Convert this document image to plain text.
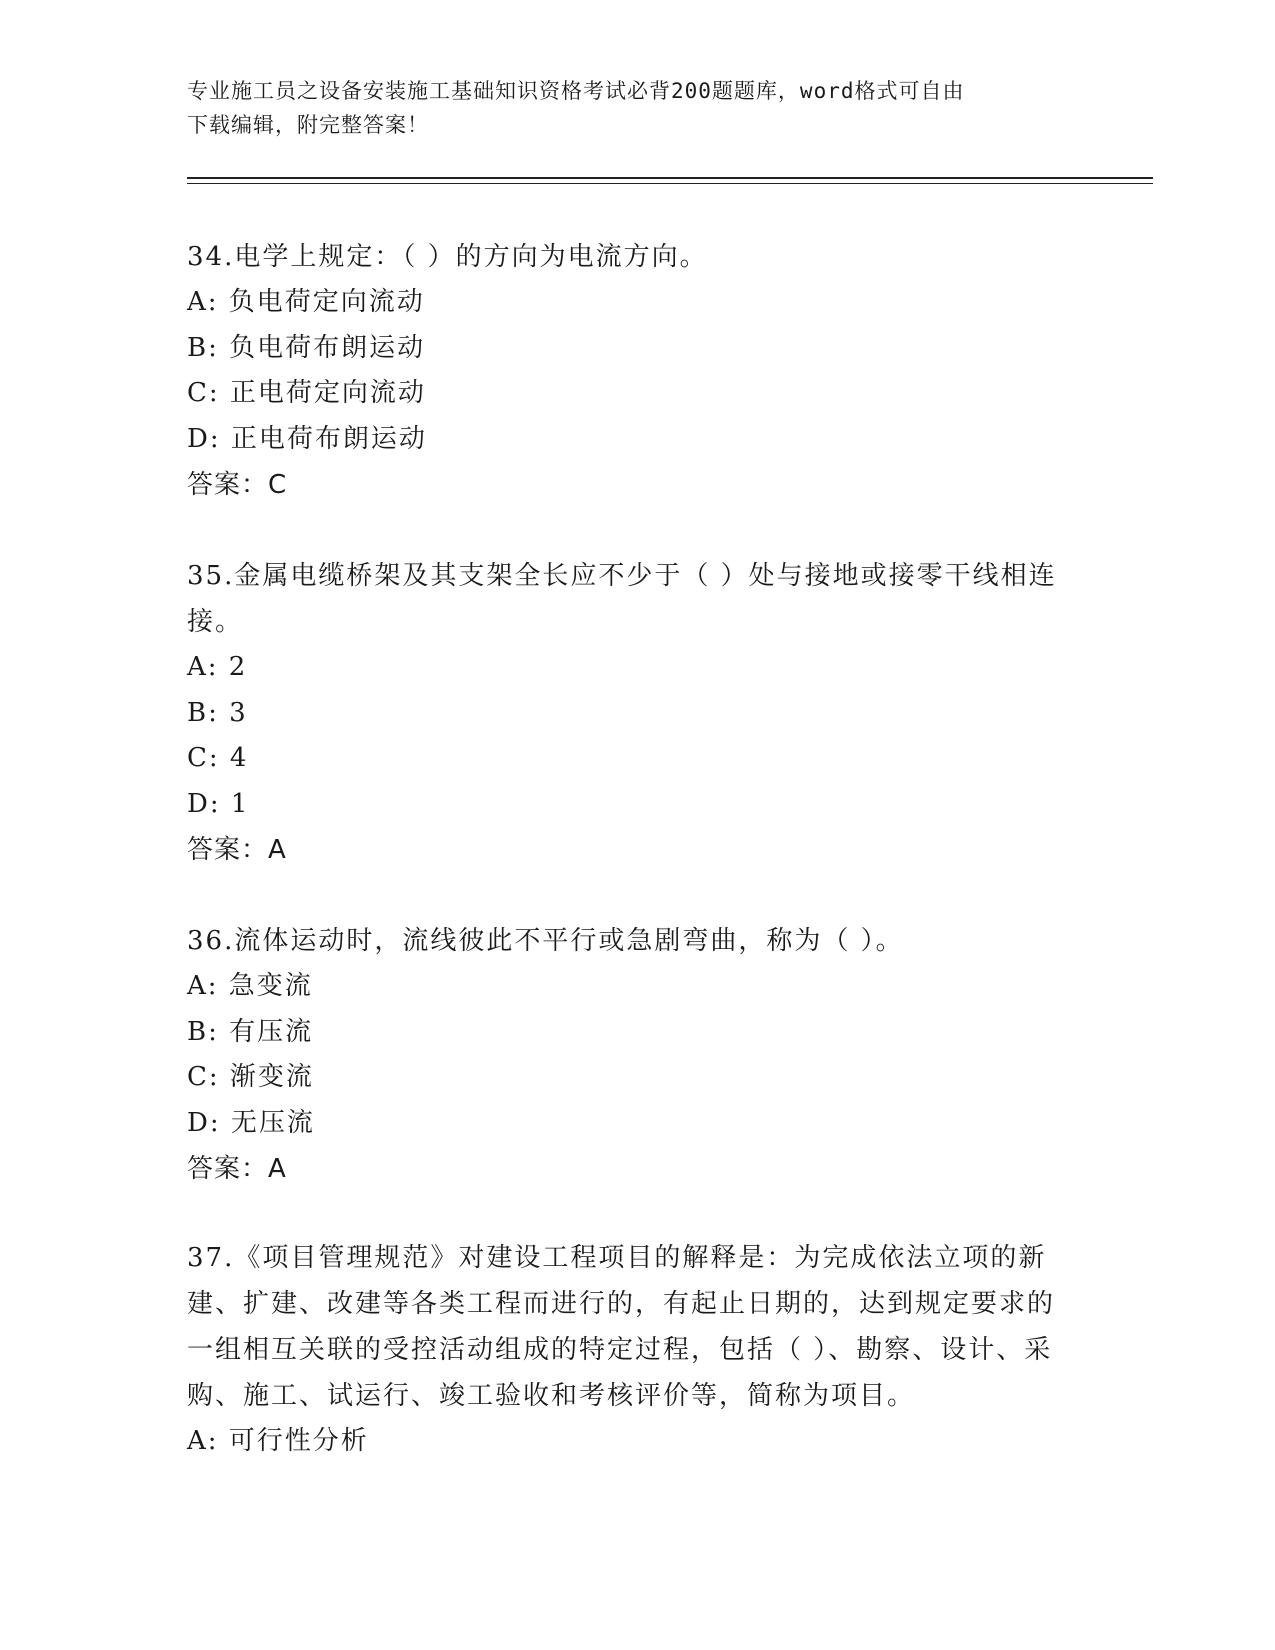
专业施工员之设备安装施工基础知识资格考试必背200题题库，word格式可自由
下载编辑，附完整答案！
34.电学上规定：（ ）的方向为电流方向。
A: 负电荷定向流动
B: 负电荷布朗运动
C: 正电荷定向流动
D: 正电荷布朗运动
答案：C
35.金属电缆桥架及其支架全长应不少于（ ）处与接地或接零干线相连接。
A: 2
B: 3
C: 4
D: 1
答案：A
36.流体运动时，流线彼此不平行或急剧弯曲，称为（ ）。
A: 急变流
B: 有压流
C: 渐变流
D: 无压流
答案：A
37.《项目管理规范》对建设工程项目的解释是：为完成依法立项的新建、扩建、改建等各类工程而进行的，有起止日期的，达到规定要求的一组相互关联的受控活动组成的特定过程，包括（ ）、勘察、设计、采购、施工、试运行、竣工验收和考核评价等，简称为项目。
A: 可行性分析
